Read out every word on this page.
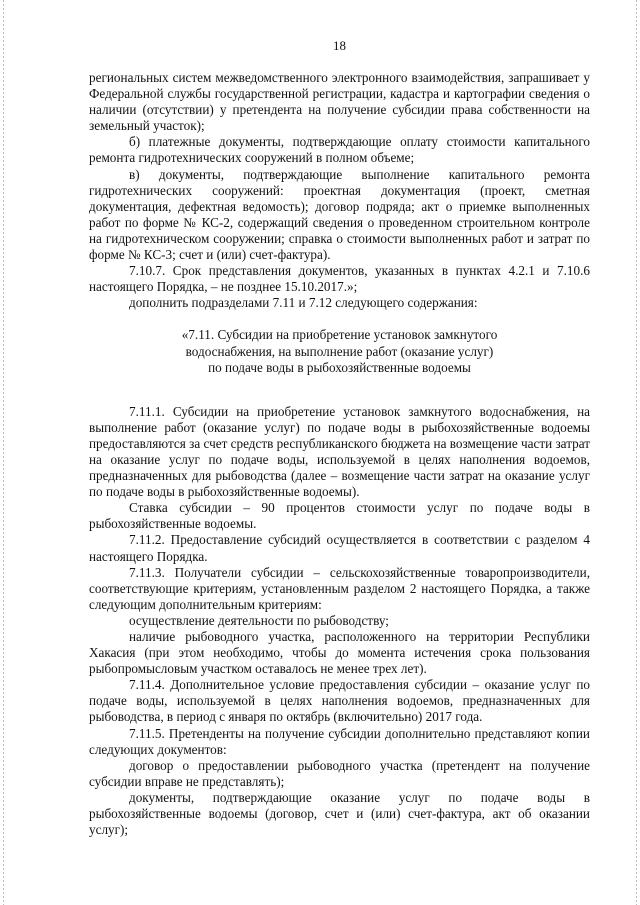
18

региональных систем межведомственного электронного взаимодействия, запрашивает у Федеральной службы государственной регистрации, кадастра и картографии сведения о наличии (отсутствии) у претендента на получение субсидии права собственности на земельный участок);

б) платежные документы, подтверждающие оплату стоимости капитального ремонта гидротехнических сооружений в полном объеме;

в) документы, подтверждающие выполнение капитального ремонта гидротехнических сооружений: проектная документация (проект, сметная документация, дефектная ведомость); договор подряда; акт о приемке выполненных работ по форме № КС-2, содержащий сведения о проведенном строительном контроле на гидротехническом сооружении; справка о стоимости выполненных работ и затрат по форме № КС-3; счет и (или) счет-фактура).

7.10.7. Срок представления документов, указанных в пунктах 4.2.1 и 7.10.6 настоящего Порядка, – не позднее 15.10.2017.»;

дополнить подразделами 7.11 и 7.12 следующего содержания:

«7.11. Субсидии на приобретение установок замкнутого
водоснабжения, на выполнение работ (оказание услуг)
по подаче воды в рыбохозяйственные водоемы

7.11.1. Субсидии на приобретение установок замкнутого водоснабжения, на выполнение работ (оказание услуг) по подаче воды в рыбохозяйственные водоемы предоставляются за счет средств республиканского бюджета на возмещение части затрат на оказание услуг по подаче воды, используемой в целях наполнения водоемов, предназначенных для рыбоводства (далее – возмещение части затрат на оказание услуг по подаче воды в рыбохозяйственные водоемы).

Ставка субсидии – 90 процентов стоимости услуг по подаче воды в рыбохозяйственные водоемы.

7.11.2. Предоставление субсидий осуществляется в соответствии с разделом 4 настоящего Порядка.

7.11.3. Получатели субсидии – сельскохозяйственные товаропроизводители, соответствующие критериям, установленным разделом 2 настоящего Порядка, а также следующим дополнительным критериям:

осуществление деятельности по рыбоводству;

наличие рыбоводного участка, расположенного на территории Республики Хакасия (при этом необходимо, чтобы до момента истечения срока пользования рыбопромысловым участком оставалось не менее трех лет).

7.11.4. Дополнительное условие предоставления субсидии – оказание услуг по подаче воды, используемой в целях наполнения водоемов, предназначенных для рыбоводства, в период с января по октябрь (включительно) 2017 года.

7.11.5. Претенденты на получение субсидии дополнительно представляют копии следующих документов:

договор о предоставлении рыбоводного участка (претендент на получение субсидии вправе не представлять);

документы, подтверждающие оказание услуг по подаче воды в рыбохозяйственные водоемы (договор, счет и (или) счет-фактура, акт об оказании услуг);
